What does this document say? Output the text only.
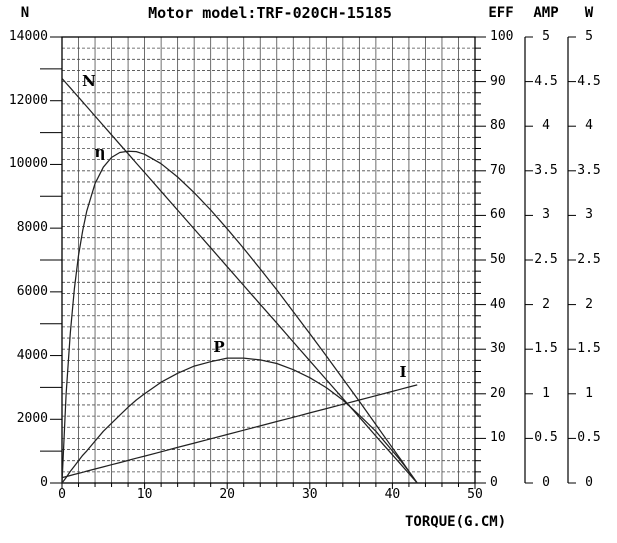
Motor model:TRF-020CH-15185
N	EFF	AMP	W
TORQUE(G.CM)
N
η
P
I
0
2000
4000
6000
8000
10000
12000
14000
0	10	20	30	40	50
0
10
20
30
40
50
60
70
80
90
100	5
4.5
4
3.5
3
2.5
2
1.5
1
0.5
0
5
4.5
4
3.5
3
2.5
2
1.5
1
0.5
0
